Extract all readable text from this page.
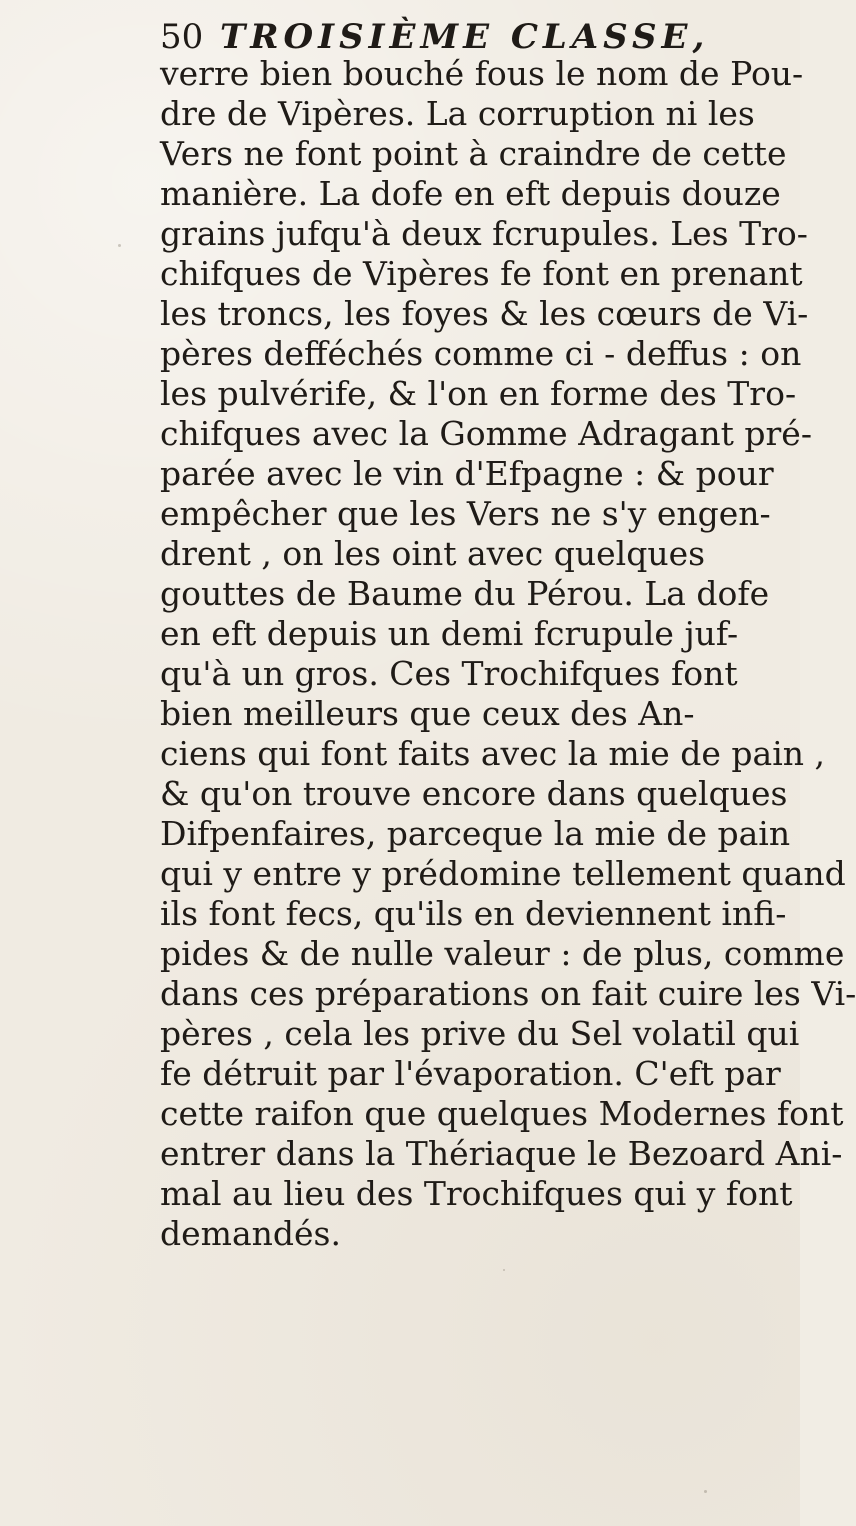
50 TROISIÈME CLASSE,
verre bien bouché fous le nom de Pou-
dre de Vipères. La corruption ni les
Vers ne font point à craindre de cette
manière. La dofe en eft depuis douze
grains jufqu'à deux fcrupules. Les Tro-
chifques de Vipères fe font en prenant
les troncs, les foyes & les cœurs de Vi-
pères defféchés comme ci - deffus : on
les pulvérife, & l'on en forme des Tro-
chifques avec la Gomme Adragant pré-
parée avec le vin d'Efpagne : & pour
empêcher que les Vers ne s'y engen-
drent , on les oint avec quelques
gouttes de Baume du Pérou. La dofe
en eft depuis un demi fcrupule juf-
qu'à un gros. Ces Trochifques font
bien meilleurs que ceux des An-
ciens qui font faits avec la mie de pain ,
& qu'on trouve encore dans quelques
Difpenfaires, parceque la mie de pain
qui y entre y prédomine tellement quand
ils font fecs, qu'ils en deviennent infi-
pides & de nulle valeur : de plus, comme
dans ces préparations on fait cuire les Vi-
pères , cela les prive du Sel volatil qui
fe détruit par l'évaporation. C'eft par
cette raifon que quelques Modernes font
entrer dans la Thériaque le Bezoard Ani-
mal au lieu des Trochifques qui y font
demandés.
